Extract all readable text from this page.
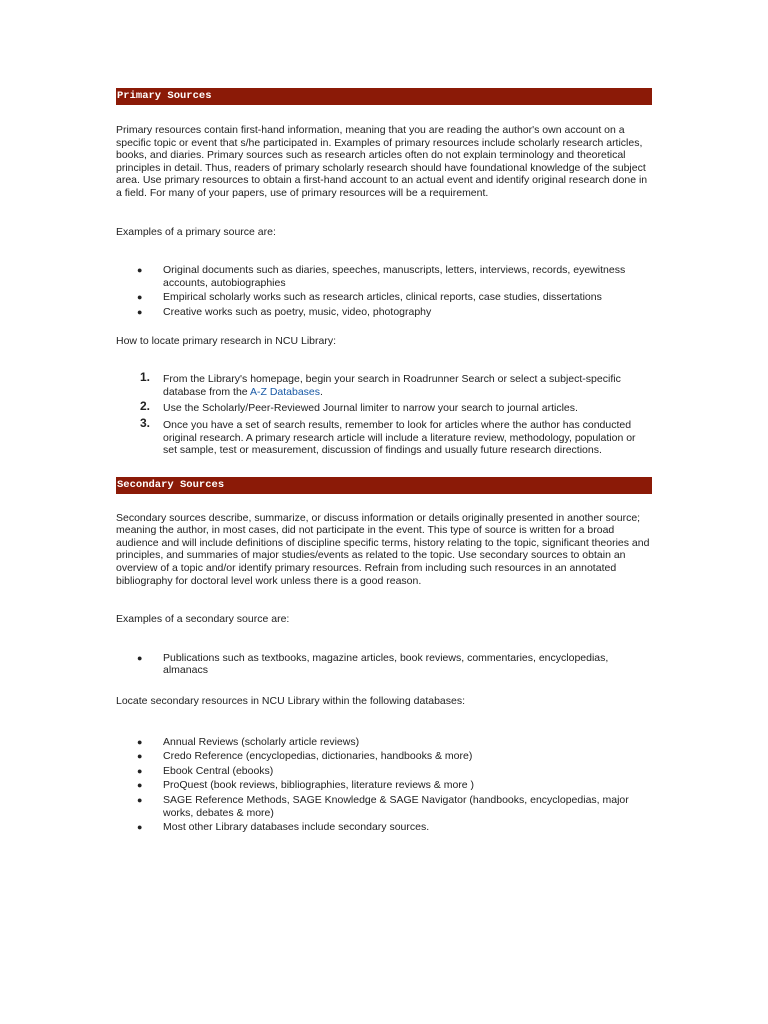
Primary Sources

Primary resources contain first-hand information, meaning that you are reading the author's own account on a specific topic or event that s/he participated in. Examples of primary resources include scholarly research articles, books, and diaries. Primary sources such as research articles often do not explain terminology and theoretical principles in detail. Thus, readers of primary scholarly research should have foundational knowledge of the subject area. Use primary resources to obtain a first-hand account to an actual event and identify original research done in a field. For many of your papers, use of primary resources will be a requirement.

Examples of a primary source are:

● Original documents such as diaries, speeches, manuscripts, letters, interviews, records, eyewitness accounts, autobiographies
● Empirical scholarly works such as research articles, clinical reports, case studies, dissertations
● Creative works such as poetry, music, video, photography

How to locate primary research in NCU Library:

1. From the Library's homepage, begin your search in Roadrunner Search or select a subject-specific database from the A-Z Databases.
2. Use the Scholarly/Peer-Reviewed Journal limiter to narrow your search to journal articles.
3. Once you have a set of search results, remember to look for articles where the author has conducted original research. A primary research article will include a literature review, methodology, population or set sample, test or measurement, discussion of findings and usually future research directions.
Secondary Sources

Secondary sources describe, summarize, or discuss information or details originally presented in another source; meaning the author, in most cases, did not participate in the event. This type of source is written for a broad audience and will include definitions of discipline specific terms, history relating to the topic, significant theories and principles, and summaries of major studies/events as related to the topic. Use secondary sources to obtain an overview of a topic and/or identify primary resources. Refrain from including such resources in an annotated bibliography for doctoral level work unless there is a good reason.

Examples of a secondary source are:

● Publications such as textbooks, magazine articles, book reviews, commentaries, encyclopedias, almanacs

Locate secondary resources in NCU Library within the following databases:

● Annual Reviews (scholarly article reviews)
● Credo Reference (encyclopedias, dictionaries, handbooks & more)
● Ebook Central (ebooks)
● ProQuest (book reviews, bibliographies, literature reviews & more )
● SAGE Reference Methods, SAGE Knowledge & SAGE Navigator (handbooks, encyclopedias, major works, debates & more)
● Most other Library databases include secondary sources.
